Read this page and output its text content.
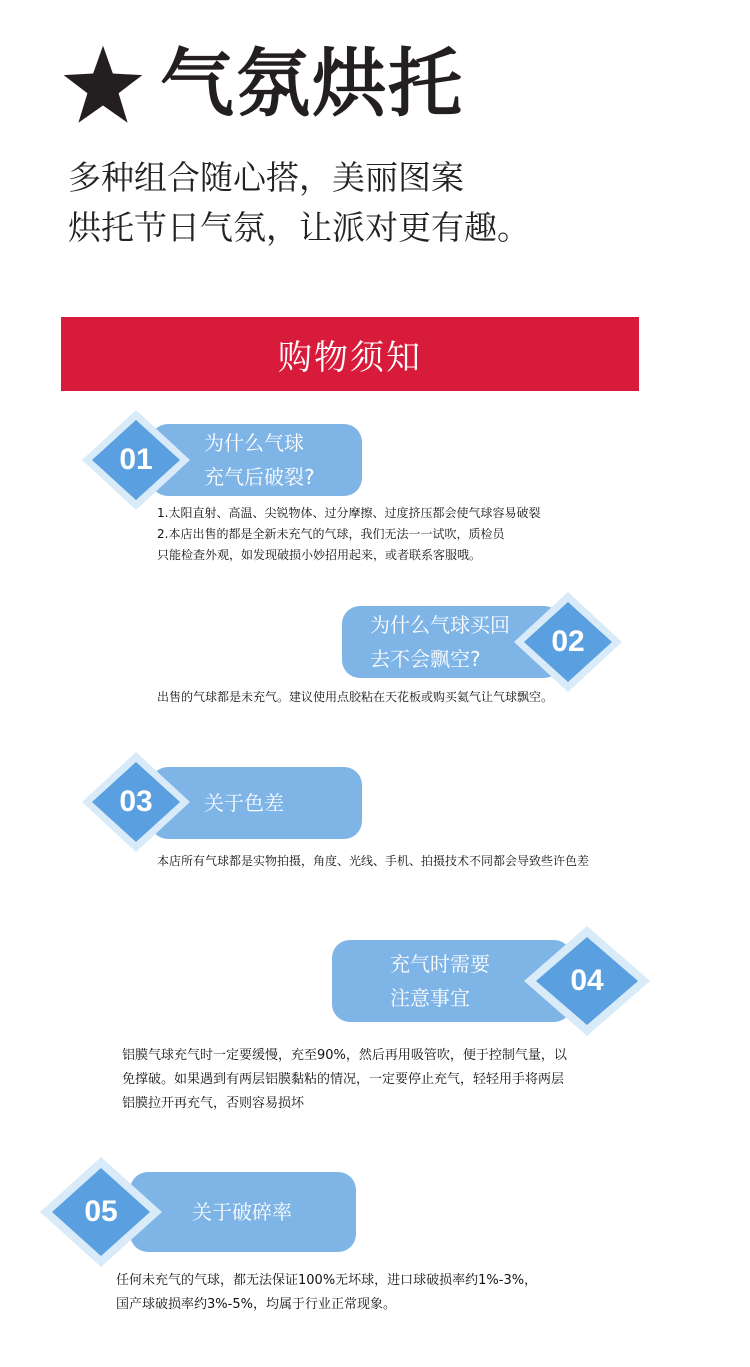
气氛烘托
多种组合随心搭，美丽图案
烘托节日气氛，让派对更有趣。
购物须知
为什么气球
充气后破裂?
01
1.太阳直射、高温、尖锐物体、过分摩擦、过度挤压都会使气球容易破裂
2.本店出售的都是全新未充气的气球，我们无法一一试吹，质检员
只能检查外观，如发现破损小妙招用起来，或者联系客服哦。
为什么气球买回
去不会飘空?
02
出售的气球都是未充气。建议使用点胶粘在天花板或购买氦气让气球飘空。
关于色差
03
本店所有气球都是实物拍摄，角度、光线、手机、拍摄技术不同都会导致些许色差
充气时需要
注意事宜
04
铝膜气球充气时一定要缓慢，充至90%，然后再用吸管吹，便于控制气量，以
免撑破。如果遇到有两层铝膜黏粘的情况，一定要停止充气，轻轻用手将两层
铝膜拉开再充气，否则容易损坏
关于破碎率
05
任何未充气的气球，都无法保证100%无坏球，进口球破损率约1%-3%，
国产球破损率约3%-5%，均属于行业正常现象。
